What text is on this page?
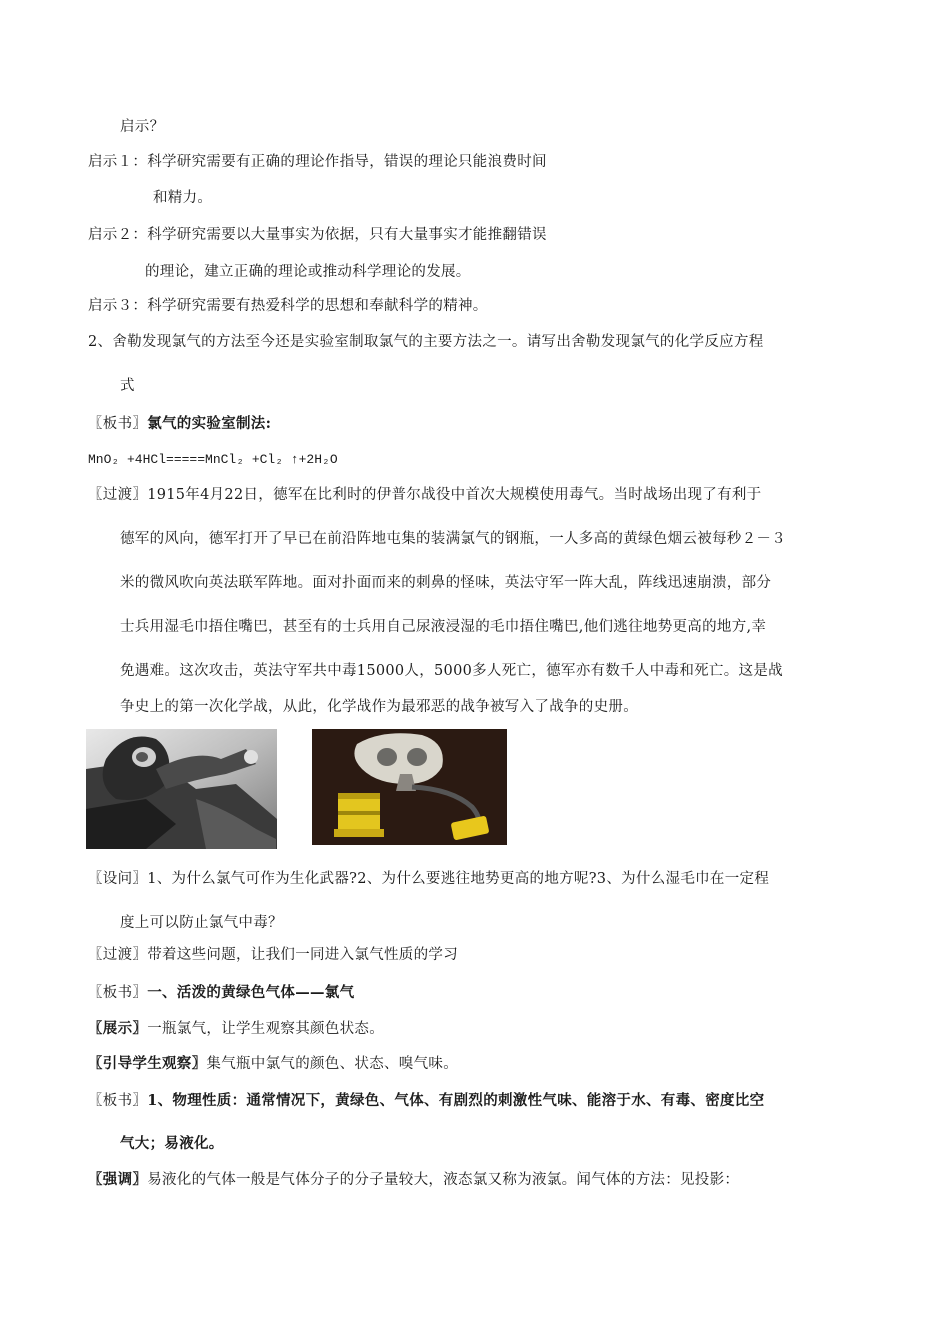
启示？
启示１：科学研究需要有正确的理论作指导，错误的理论只能浪费时间
和精力。
启示２：科学研究需要以大量事实为依据，只有大量事实才能推翻错误
的理论，建立正确的理论或推动科学理论的发展。
启示３：科学研究需要有热爱科学的思想和奉献科学的精神。
2、舍勒发现氯气的方法至今还是实验室制取氯气的主要方法之一。请写出舍勒发现氯气的化学反应方程
式
〖板书〗氯气的实验室制法:
MnO₂ +4HCl=====MnCl₂ +Cl₂ ↑+2H₂O
〖过渡〗1915年4月22日，德军在比利时的伊普尔战役中首次大规模使用毒气。当时战场出现了有利于
德军的风向，德军打开了早已在前沿阵地屯集的装满氯气的钢瓶，一人多高的黄绿色烟云被每秒２－３
米的微风吹向英法联军阵地。面对扑面而来的刺鼻的怪味，英法守军一阵大乱，阵线迅速崩溃，部分
士兵用湿毛巾捂住嘴巴，甚至有的士兵用自己尿液浸湿的毛巾捂住嘴巴,他们逃往地势更高的地方,幸
免遇难。这次攻击，英法守军共中毒15000人，5000多人死亡，德军亦有数千人中毒和死亡。这是战
争史上的第一次化学战，从此，化学战作为最邪恶的战争被写入了战争的史册。
〖设问〗1、为什么氯气可作为生化武器?2、为什么要逃往地势更高的地方呢?3、为什么湿毛巾在一定程
度上可以防止氯气中毒？
〖过渡〗带着这些问题，让我们一同进入氯气性质的学习
〖板书〗一、活泼的黄绿色气体——氯气
〖展示〗一瓶氯气，让学生观察其颜色状态。
〖引导学生观察〗集气瓶中氯气的颜色、状态、嗅气味。
〖板书〗1、物理性质：通常情况下，黄绿色、气体、有剧烈的刺激性气味、能溶于水、有毒、密度比空
气大；易液化。
〖强调〗易液化的气体一般是气体分子的分子量较大，液态氯又称为液氯。闻气体的方法：见投影：
